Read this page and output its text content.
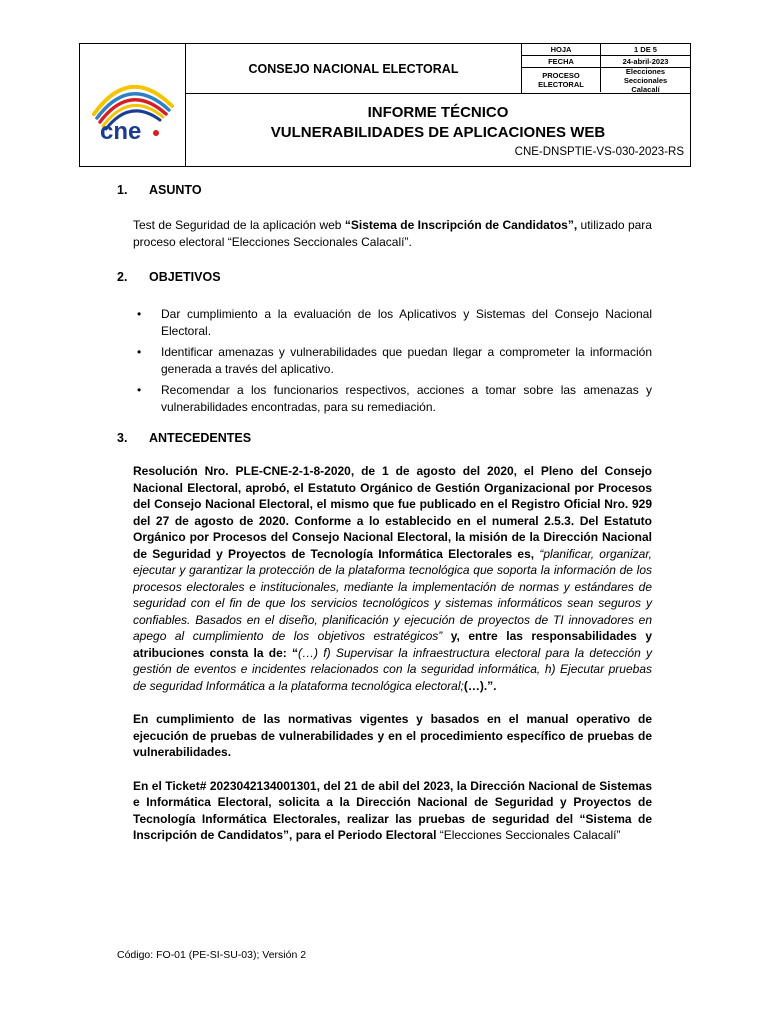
cne
CONSEJO NACIONAL ELECTORAL
HOJA	1 DE 5
FECHA	24-abril-2023
PROCESO ELECTORAL
Elecciones Seccionales Calacalí
INFORME TÉCNICO
VULNERABILIDADES DE APLICACIONES WEB
CNE-DNSPTIE-VS-030-2023-RS

1. ASUNTO

Test de Seguridad de la aplicación web “Sistema de Inscripción de Candidatos”, utilizado para proceso electoral “Elecciones Seccionales Calacalí”.

2. OBJETIVOS

• Dar cumplimiento a la evaluación de los Aplicativos y Sistemas del Consejo Nacional Electoral.
• Identificar amenazas y vulnerabilidades que puedan llegar a comprometer la información generada a través del aplicativo.
• Recomendar a los funcionarios respectivos, acciones a tomar sobre las amenazas y vulnerabilidades encontradas, para su remediación.

3. ANTECEDENTES

Resolución Nro. PLE-CNE-2-1-8-2020, de 1 de agosto del 2020, el Pleno del Consejo Nacional Electoral, aprobó, el Estatuto Orgánico de Gestión Organizacional por Procesos del Consejo Nacional Electoral, el mismo que fue publicado en el Registro Oficial Nro. 929 del 27 de agosto de 2020. Conforme a lo establecido en el numeral 2.5.3. Del Estatuto Orgánico por Procesos del Consejo Nacional Electoral, la misión de la Dirección Nacional de Seguridad y Proyectos de Tecnología Informática Electorales es, “planificar, organizar, ejecutar y garantizar la protección de la plataforma tecnológica que soporta la información de los procesos electorales e institucionales, mediante la implementación de normas y estándares de seguridad con el fin de que los servicios tecnológicos y sistemas informáticos sean seguros y confiables. Basados en el diseño, planificación y ejecución de proyectos de TI innovadores en apego al cumplimiento de los objetivos estratégicos” y, entre las responsabilidades y atribuciones consta la de: “(…) f) Supervisar la infraestructura electoral para la detección y gestión de eventos e incidentes relacionados con la seguridad informática, h) Ejecutar pruebas de seguridad Informática a la plataforma tecnológica electoral;(…).”.

En cumplimiento de las normativas vigentes y basados en el manual operativo de ejecución de pruebas de vulnerabilidades y en el procedimiento específico de pruebas de vulnerabilidades.

En el Ticket# 2023042134001301, del 21 de abil del 2023, la Dirección Nacional de Sistemas e Informática Electoral, solicita a la Dirección Nacional de Seguridad y Proyectos de Tecnología Informática Electorales, realizar las pruebas de seguridad del “Sistema de Inscripción de Candidatos”, para el Periodo Electoral “Elecciones Seccionales Calacalí”

Código: FO-01 (PE-SI-SU-03); Versión 2
